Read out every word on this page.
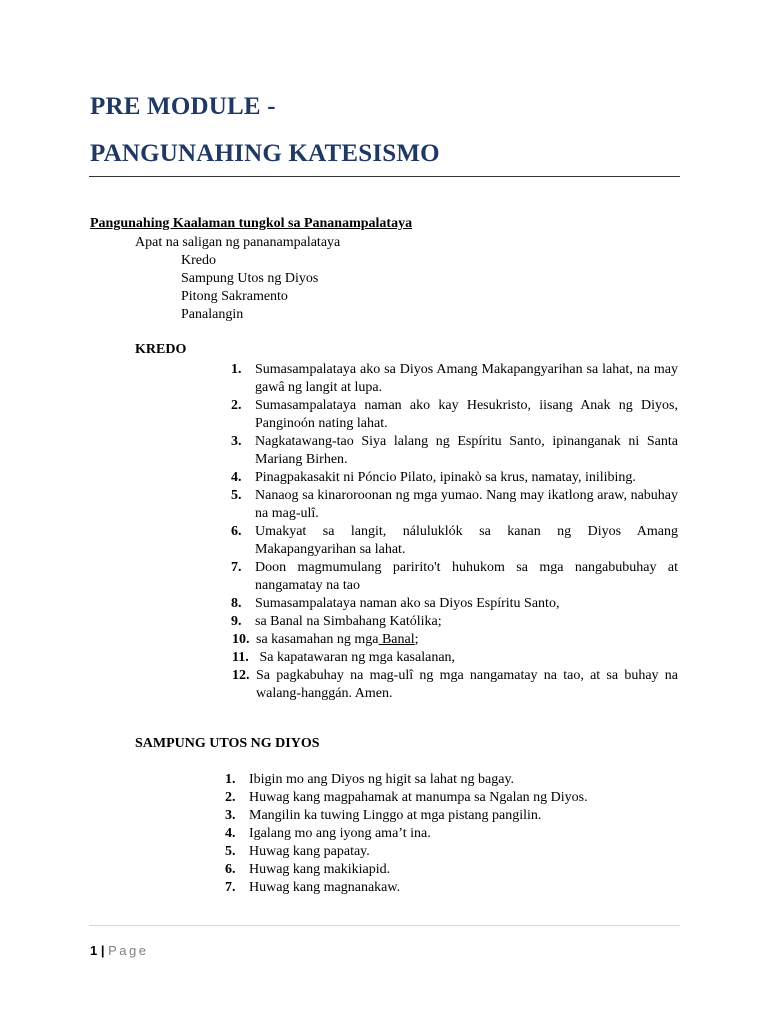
PRE MODULE -
PANGUNAHING KATESISMO
Pangunahing Kaalaman tungkol sa Pananampalataya
Apat na saligan ng pananampalataya
Kredo
Sampung Utos ng Diyos
Pitong Sakramento
Panalangin
KREDO
1. Sumasampalataya ako sa Diyos Amang Makapangyarihan sa lahat, na may gawâ ng langit at lupa.
2. Sumasampalataya naman ako kay Hesukristo, iisang Anak ng Diyos, Panginoón nating lahat.
3. Nagkatawang-tao Siya lalang ng Espíritu Santo, ipinanganak ni Santa Mariang Birhen.
4. Pinagpakasakit ni Póncio Pilato, ipinakò sa krus, namatay, inilibing.
5. Nanaog sa kinaroroonan ng mga yumao. Nang may ikatlong araw, nabuhay na mag-ulî.
6. Umakyat sa langit, náluluklók sa kanan ng Diyos Amang Makapangyarihan sa lahat.
7. Doon magmumulang paririto't huhukom sa mga nangabubuhay at nangamatay na tao
8. Sumasampalataya naman ako sa Diyos Espíritu Santo,
9. sa Banal na Simbahang Katólika;
10. sa kasamahan ng mga Banal;
11. Sa kapatawaran ng mga kasalanan,
12. Sa pagkabuhay na mag-ulî ng mga nangamatay na tao, at sa buhay na walang-hanggán. Amen.
SAMPUNG UTOS NG DIYOS
1. Ibigin mo ang Diyos ng higit sa lahat ng bagay.
2. Huwag kang magpahamak at manumpa sa Ngalan ng Diyos.
3. Mangilin ka tuwing Linggo at mga pistang pangilin.
4. Igalang mo ang iyong ama’t ina.
5. Huwag kang papatay.
6. Huwag kang makikiapid.
7. Huwag kang magnanakaw.
1 | Page
